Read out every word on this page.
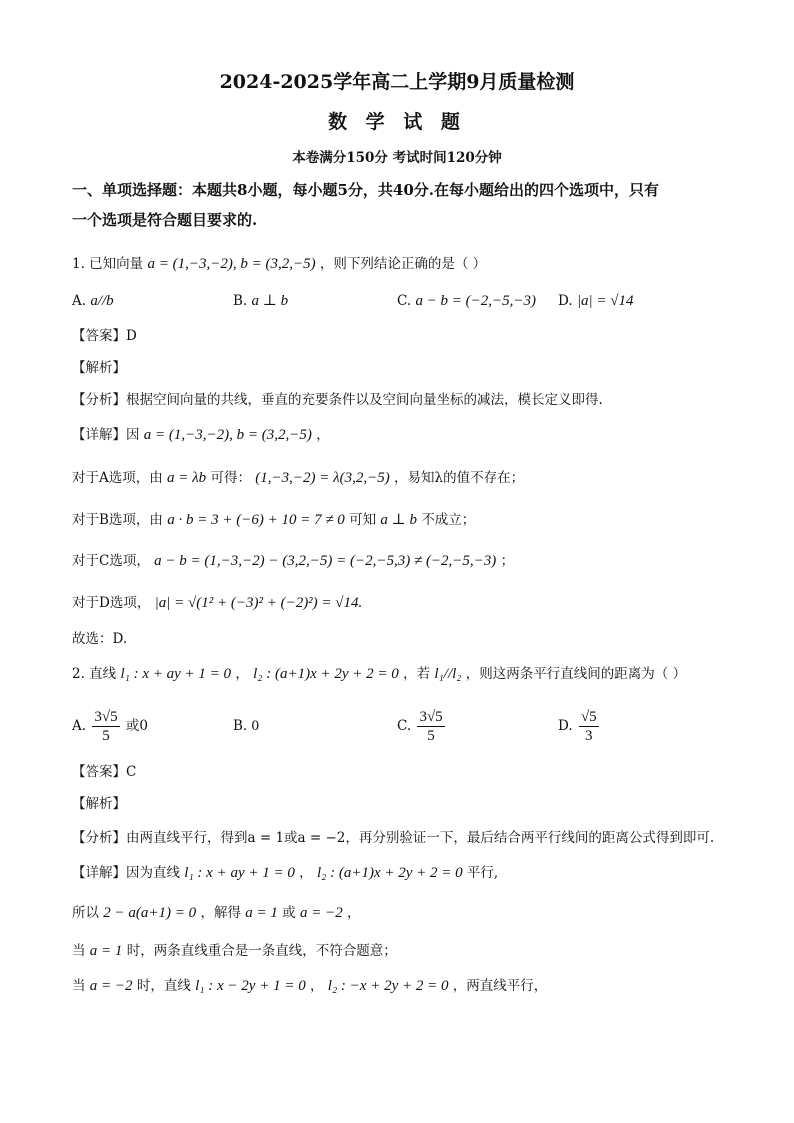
2024-2025学年高二上学期9月质量检测
数 学 试 题
本卷满分150分 考试时间120分钟
一、单项选择题：本题共8小题，每小题5分，共40分.在每小题给出的四个选项中，只有
一个选项是符合题目要求的.
1. 已知向量 a = (1,−3,−2), b = (3,2,−5) ，则下列结论正确的是（ ）
A. a//b	B. a ⊥ b	C. a − b = (−2,−5,−3) D. |a| = √14
【答案】D
【解析】
【分析】根据空间向量的共线，垂直的充要条件以及空间向量坐标的减法，模长定义即得.
【详解】因 a = (1,−3,−2), b = (3,2,−5) ，
对于A选项，由 a = λb 可得： (1,−3,−2) = λ(3,2,−5) ，易知λ的值不存在；
对于B选项，由 a · b = 3 + (−6) + 10 = 7 ≠ 0 可知 a ⊥ b 不成立；
对于C选项， a − b = (1,−3,−2) − (3,2,−5) = (−2,−5,3) ≠ (−2,−5,−3) ；
对于D选项， |a| = √(1² + (−3)² + (−2)²) = √14.
故选：D.
2. 直线 l₁ : x + ay + 1 = 0 ， l₂ : (a+1)x + 2y + 2 = 0 ，若 l₁//l₂ ，则这两条平行直线间的距离为（ ）
A. $\frac{3√5}{5}$ 或0	B. 0	C. $\frac{3√5}{5}$	D. $\frac{√5}{3}$
【答案】C
【解析】
【分析】由两直线平行，得到a = 1或a = −2，再分别验证一下，最后结合两平行线间的距离公式得到即可.
【详解】因为直线 l₁ : x + ay + 1 = 0 ， l₂ : (a+1)x + 2y + 2 = 0 平行,
所以 2 − a(a+1) = 0 ，解得 a = 1 或 a = −2 ，
当 a = 1 时，两条直线重合是一条直线，不符合题意；
当 a = −2 时，直线 l₁ : x − 2y + 1 = 0 ， l₂ : −x + 2y + 2 = 0 ，两直线平行，
